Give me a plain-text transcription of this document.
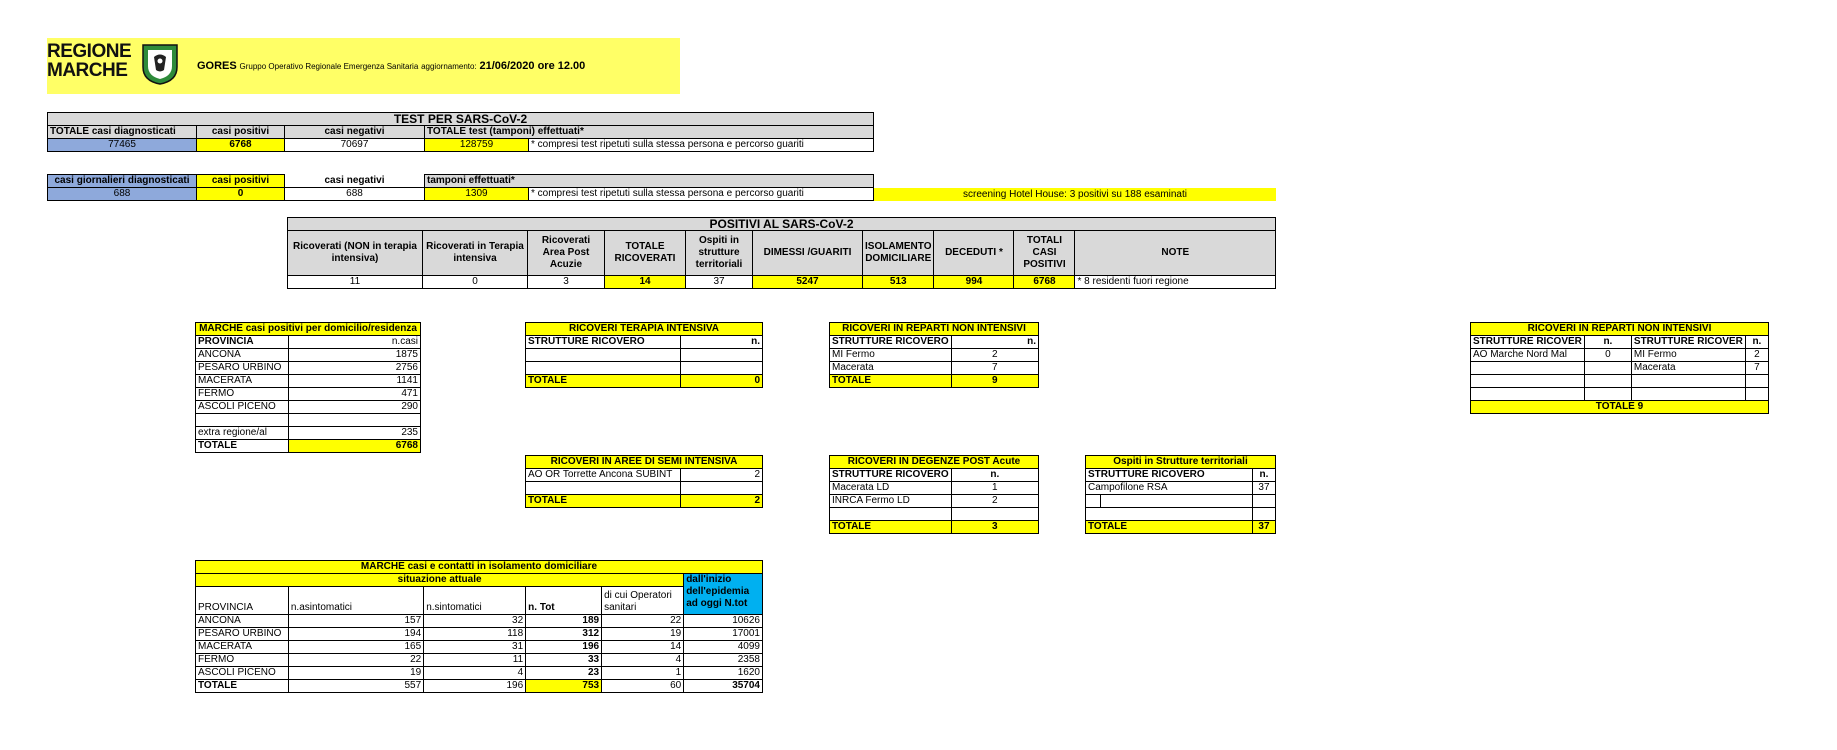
REGIONE
MARCHE	GORES Gruppo Operativo Regionale Emergenza Sanitaria aggiornamento: 21/06/2020 ore 12.00
TEST PER SARS-CoV-2				
TOTALE casi diagnosticati	casi positivi	casi negativi	TOTALE test (tamponi) effettuati*	
77465	6768	70697	128759	* compresi test ripetuti sulla stessa persona e percorso guariti
casi giornalieri diagnosticati	casi positivi	casi negativi	tamponi effettuati*	
688	0	688	1309	* compresi test ripetuti sulla stessa persona e percorso guariti	screening Hotel House: 3 positivi su 188 esaminati
POSITIVI AL SARS-CoV-2									
Ricoverati (NON in terapia intensiva)	Ricoverati in Terapia intensiva	Ricoverati Area Post Acuzie	TOTALE RICOVERATI	Ospiti in strutture territoriali	DIMESSI /GUARITI	ISOLAMENTO DOMICILIARE	DECEDUTI *	TOTALI CASI POSITIVI	NOTE
11	0	3	14	37	5247	513	994	6768	* 8 residenti fuori regione
MARCHE casi positivi per domicilio/residenza	
PROVINCIA	n.casi
ANCONA	1875
PESARO URBINO	2756
MACERATA	1141
FERMO	471
ASCOLI PICENO	290

extra regione/al	235
TOTALE	6768
RICOVERI TERAPIA INTENSIVA	
STRUTTURE RICOVERO	n.

TOTALE	0
RICOVERI IN REPARTI NON INTENSIVI	
STRUTTURE RICOVERO	n.
MI Fermo	2
Macerata	7
TOTALE	9
RICOVERI IN REPARTI NON INTENSIVI			
STRUTTURE RICOVER	n.	STRUTTURE RICOVER	n.
AO Marche Nord Mal	0	MI Fermo	2
		Macerata	7

TOTALE 9			
RICOVERI IN AREE DI SEMI INTENSIVA	
AO OR Torrette Ancona SUBINT	2

TOTALE	2
RICOVERI IN DEGENZE POST Acute	
STRUTTURE RICOVERO	n.
Macerata LD	1
INRCA Fermo LD	2

TOTALE	3
Ospiti in Strutture territoriali		
STRUTTURE RICOVERO		n.
Campofilone RSA		37

TOTALE		37
MARCHE casi e contatti in isolamento domiciliare					
situazione attuale					dall'inizio dell'epidemia ad oggi N.tot
PROVINCIA	n.asintomatici	n.sintomatici	n. Tot	di cui Operatori sanitari	
ANCONA	157	32	189	22	10626
PESARO URBINO	194	118	312	19	17001
MACERATA	165	31	196	14	4099
FERMO	22	11	33	4	2358
ASCOLI PICENO	19	4	23	1	1620
TOTALE	557	196	753	60	35704
